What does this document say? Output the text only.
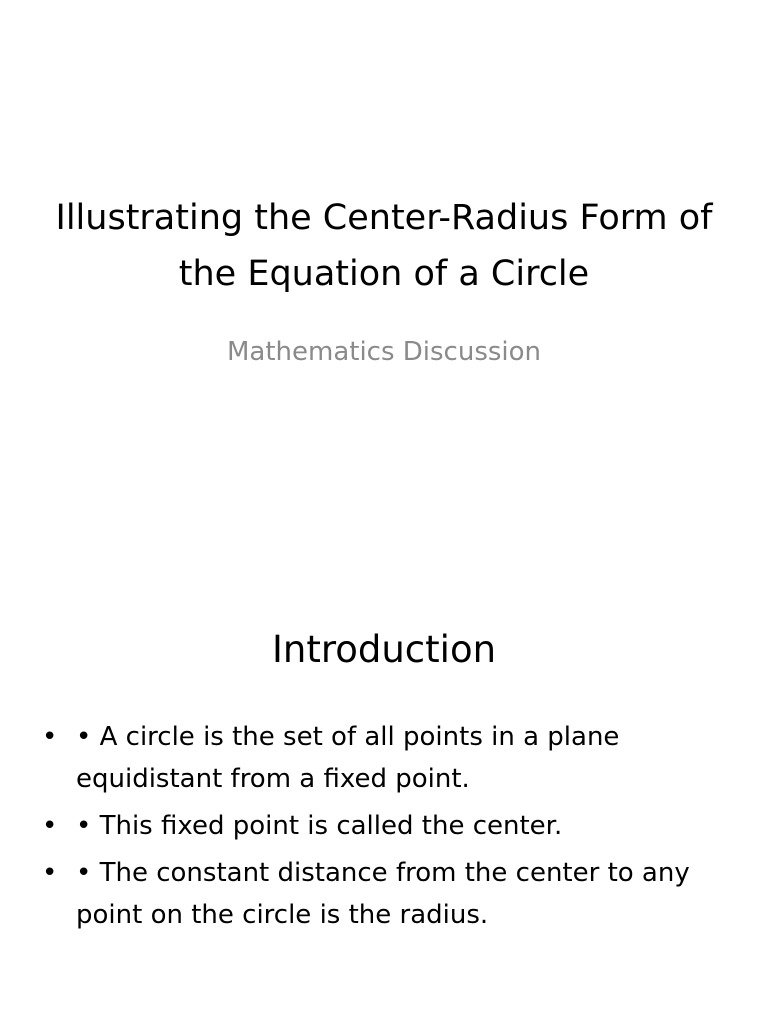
Illustrating the Center-Radius Form of the Equation of a Circle

Mathematics Discussion

Introduction
• • A circle is the set of all points in a plane equidistant from a fixed point.
• • This fixed point is called the center.
• • The constant distance from the center to any point on the circle is the radius.
